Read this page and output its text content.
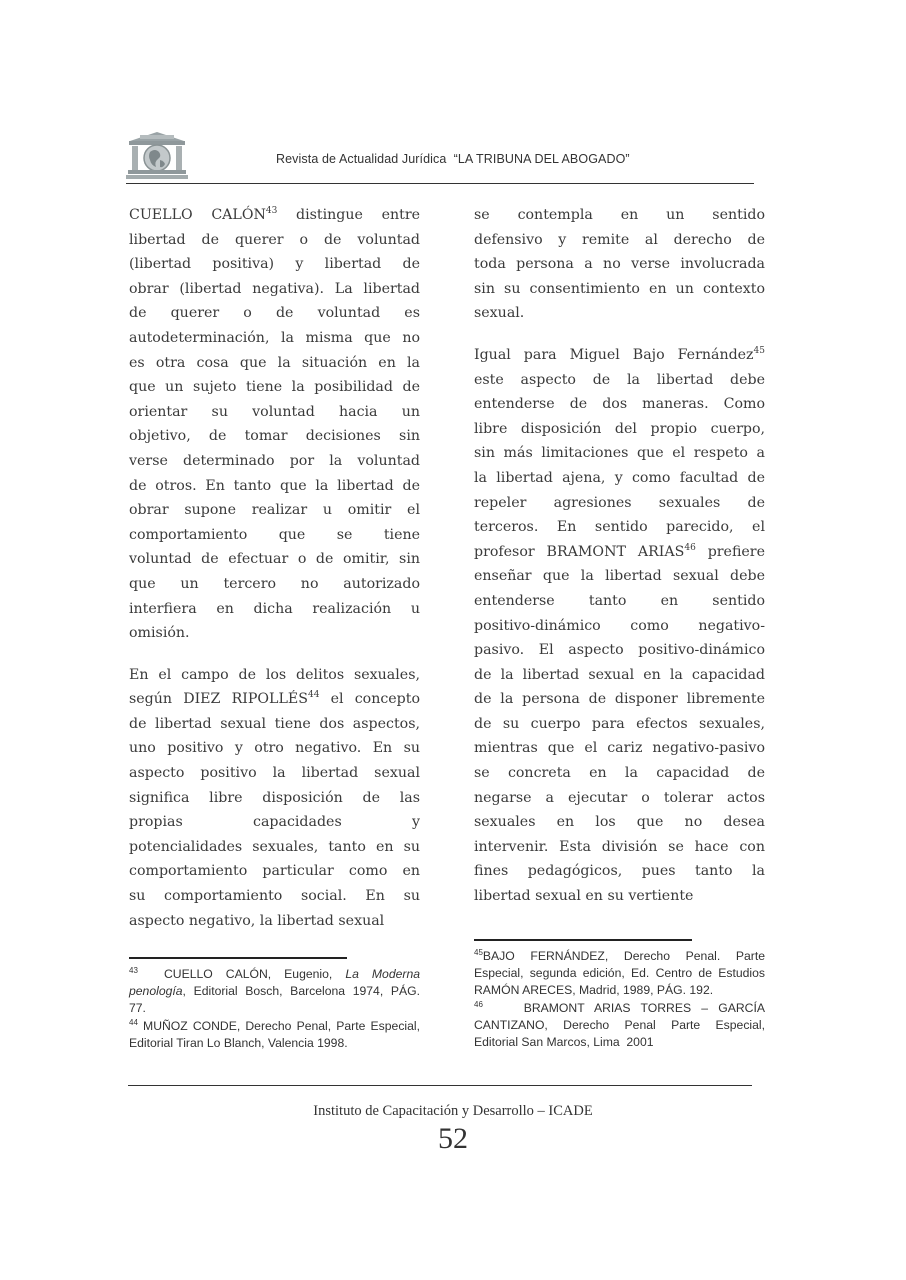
Revista de Actualidad Jurídica  “LA TRIBUNA DEL ABOGADO”

CUELLO CALÓN$^{43}$ distingue entre
libertad de querer o de voluntad
(libertad positiva) y libertad de
obrar (libertad negativa). La libertad
de querer o de voluntad es
autodeterminación, la misma que no
es otra cosa que la situación en la
que un sujeto tiene la posibilidad de
orientar su voluntad hacia un
objetivo, de tomar decisiones sin
verse determinado por la voluntad
de otros. En tanto que la libertad de
obrar supone realizar u omitir el
comportamiento que se tiene
voluntad de efectuar o de omitir, sin
que un tercero no autorizado
interfiera en dicha realización u
omisión.

En el campo de los delitos sexuales,
según DIEZ RIPOLLÉS$^{44}$ el concepto
de libertad sexual tiene dos aspectos,
uno positivo y otro negativo. En su
aspecto positivo la libertad sexual
significa libre disposición de las
propias capacidades y
potencialidades sexuales, tanto en su
comportamiento particular como en
su comportamiento social. En su
aspecto negativo, la libertad sexual

se contempla en un sentido
defensivo y remite al derecho de
toda persona a no verse involucrada
sin su consentimiento en un contexto
sexual.

Igual para Miguel Bajo Fernández$^{45}$
este aspecto de la libertad debe
entenderse de dos maneras. Como
libre disposición del propio cuerpo,
sin más limitaciones que el respeto a
la libertad ajena, y como facultad de
repeler agresiones sexuales de
terceros. En sentido parecido, el
profesor BRAMONT ARIAS$^{46}$ prefiere
enseñar que la libertad sexual debe
entenderse tanto en sentido
positivo-dinámico como negativo-
pasivo. El aspecto positivo-dinámico
de la libertad sexual en la capacidad
de la persona de disponer libremente
de su cuerpo para efectos sexuales,
mientras que el cariz negativo-pasivo
se concreta en la capacidad de
negarse a ejecutar o tolerar actos
sexuales en los que no desea
intervenir. Esta división se hace con
fines pedagógicos, pues tanto la
libertad sexual en su vertiente

$^{43}$  CUELLO CALÓN, Eugenio, La Moderna
penología, Editorial Bosch, Barcelona 1974, PÁG.
77.
$^{44}$ MUÑOZ CONDE, Derecho Penal, Parte Especial,
Editorial Tiran Lo Blanch, Valencia 1998.
$^{45}$BAJO FERNÁNDEZ, Derecho Penal. Parte
Especial, segunda edición, Ed. Centro de Estudios
RAMÓN ARECES, Madrid, 1989, PÁG. 192.
$^{46}$    BRAMONT ARIAS TORRES – GARCÍA
CANTIZANO, Derecho Penal Parte Especial,
Editorial San Marcos, Lima  2001
Instituto de Capacitación y Desarrollo – ICADE
52
